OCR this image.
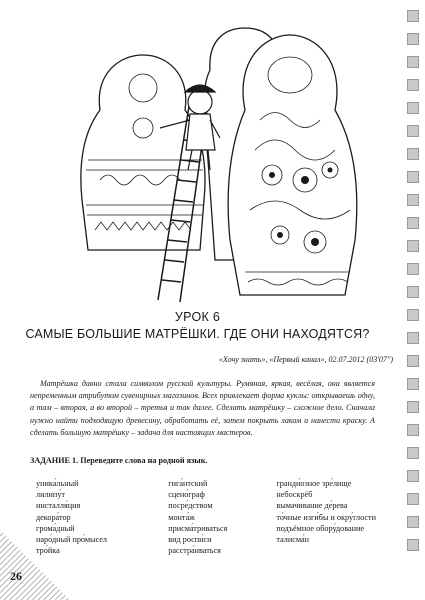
УРОК 6
САМЫЕ БОЛЬШИЕ МАТРЁШКИ. ГДЕ ОНИ НАХОДЯТСЯ?
«Хочу знать», «Первый канал», 02.07.2012 (03'07'')
Матрёшка давно стала символом русской культуры. Румяная, яркая, весёлая, она является непременным атрибутом сувенирных магазинов. Всех привлекает форма куклы: открываешь одну, а там – вторая, а во второй – третья и так далее. Сделать матрёшку – сложное дело. Сначала нужно найти подходящую древесину, обработать её, затем покрыть лаком и нанести краску. А сделать большую матрёшку – задача для настоящих мастеров.
ЗАДАНИЕ 1. Переведите слова на родной язык.
уника́льный
лилипу́т
инсталля́ция
декора́тор
грома́дный
наро́дный про́мысел
тро́йка
гига́нтский
сцено́граф
посре́дством
монта́ж
присма́триваться
вид роспи́си
расстра́иваться
гранди́озное зре́лище
небоскрёб
вымачивание де́рева
то́чные изги́бы и окру́глости
подъёмное обору́дование
талисма́н
26
